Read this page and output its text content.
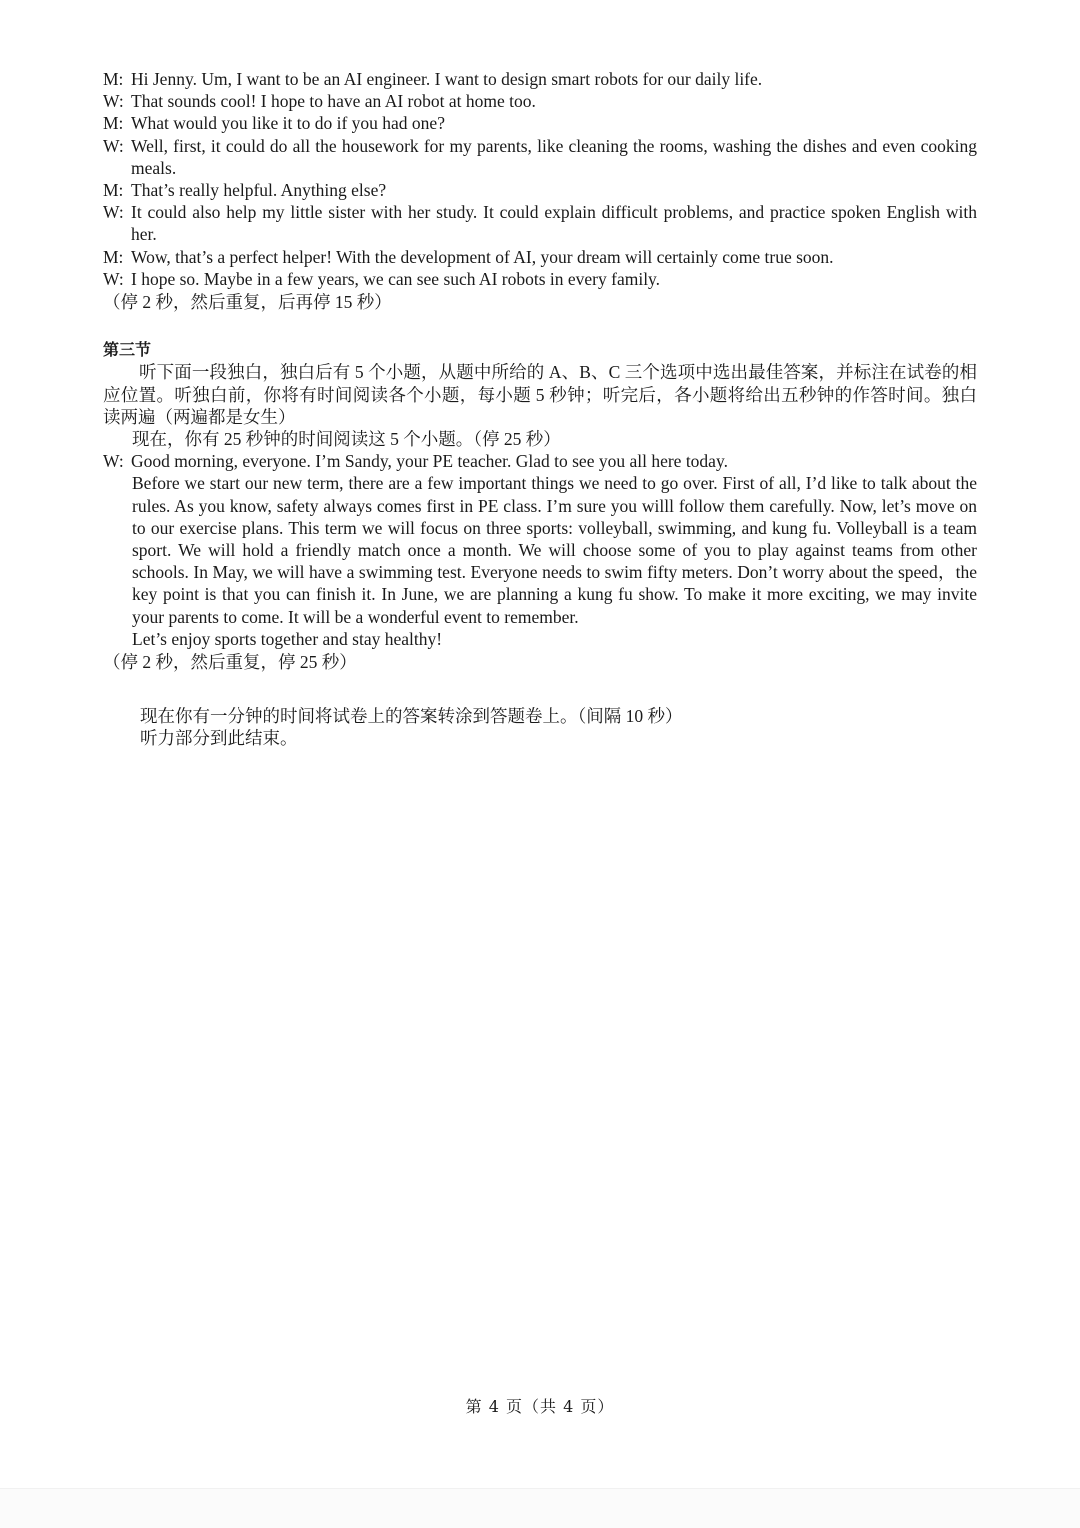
M: Hi Jenny. Um, I want to be an AI engineer. I want to design smart robots for our daily life.
W: That sounds cool! I hope to have an AI robot at home too.
M: What would you like it to do if you had one?
W: Well, first, it could do all the housework for my parents, like cleaning the rooms, washing the dishes and even cooking meals.
M: That’s really helpful. Anything else?
W: It could also help my little sister with her study. It could explain difficult problems, and practice spoken English with her.
M: Wow, that’s a perfect helper! With the development of AI, your dream will certainly come true soon.
W: I hope so. Maybe in a few years, we can see such AI robots in every family.
（停 2 秒，然后重复，后再停 15 秒）
第三节
听下面一段独白，独白后有 5 个小题，从题中所给的 A、B、C 三个选项中选出最佳答案，并标注在试卷的相应位置。听独白前，你将有时间阅读各个小题，每小题 5 秒钟；听完后，各小题将给出五秒钟的作答时间。独白读两遍（两遍都是女生）
现在，你有 25 秒钟的时间阅读这 5 个小题。（停 25 秒）
W: Good morning, everyone. I’m Sandy, your PE teacher. Glad to see you all here today.
Before we start our new term, there are a few important things we need to go over. First of all, I’d like to talk about the rules. As you know, safety always comes first in PE class. I’m sure you willl follow them carefully. Now, let’s move on to our exercise plans. This term we will focus on three sports: volleyball, swimming, and kung fu. Volleyball is a team sport. We will hold a friendly match once a month. We will choose some of you to play against teams from other schools. In May, we will have a swimming test. Everyone needs to swim fifty meters. Don’t worry about the speed，the key point is that you can finish it. In June, we are planning a kung fu show. To make it more exciting, we may invite your parents to come. It will be a wonderful event to remember.
Let’s enjoy sports together and stay healthy!
（停 2 秒，然后重复，停 25 秒）
现在你有一分钟的时间将试卷上的答案转涂到答题卷上。（间隔 10 秒）
听力部分到此结束。
第 4 页（共 4 页）
